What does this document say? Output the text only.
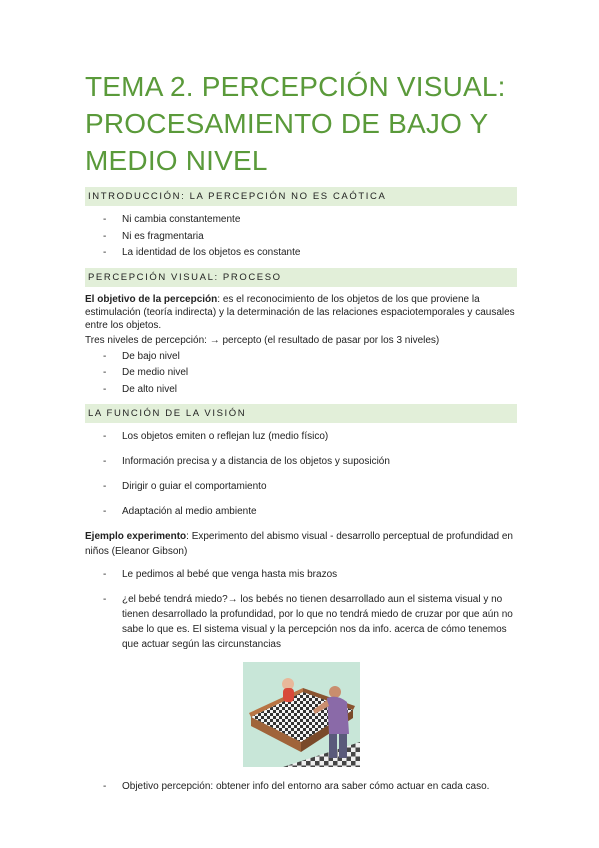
TEMA 2. PERCEPCIÓN VISUAL: PROCESAMIENTO DE BAJO Y MEDIO NIVEL
INTRODUCCIÓN: LA PERCEPCIÓN NO ES CAÓTICA
- Ni cambia constantemente
- Ni es fragmentaria
- La identidad de los objetos es constante
PERCEPCIÓN VISUAL: PROCESO

El objetivo de la percepción: es el reconocimiento de los objetos de los que proviene la estimulación (teoría indirecta) y la determinación de las relaciones espaciotemporales y causales entre los objetos.

Tres niveles de percepción: → percepto (el resultado de pasar por los 3 niveles)

- De bajo nivel
- De medio nivel
- De alto nivel
LA FUNCIÓN DE LA VISIÓN
- Los objetos emiten o reflejan luz (medio físico)
- Información precisa y a distancia de los objetos y suposición
- Dirigir o guiar el comportamiento
- Adaptación al medio ambiente

Ejemplo experimento: Experimento del abismo visual - desarrollo perceptual de profundidad en niños (Eleanor Gibson)

- Le pedimos al bebé que venga hasta mis brazos
- ¿el bebé tendrá miedo?→ los bebés no tienen desarrollado aun el sistema visual y no tienen desarrollado la profundidad, por lo que no tendrá miedo de cruzar por que aún no sabe lo que es. El sistema visual y la percepción nos da info. acerca de cómo tenemos que actuar según las circunstancias
- Objetivo percepción: obtener info del entorno ara saber cómo actuar en cada caso.
